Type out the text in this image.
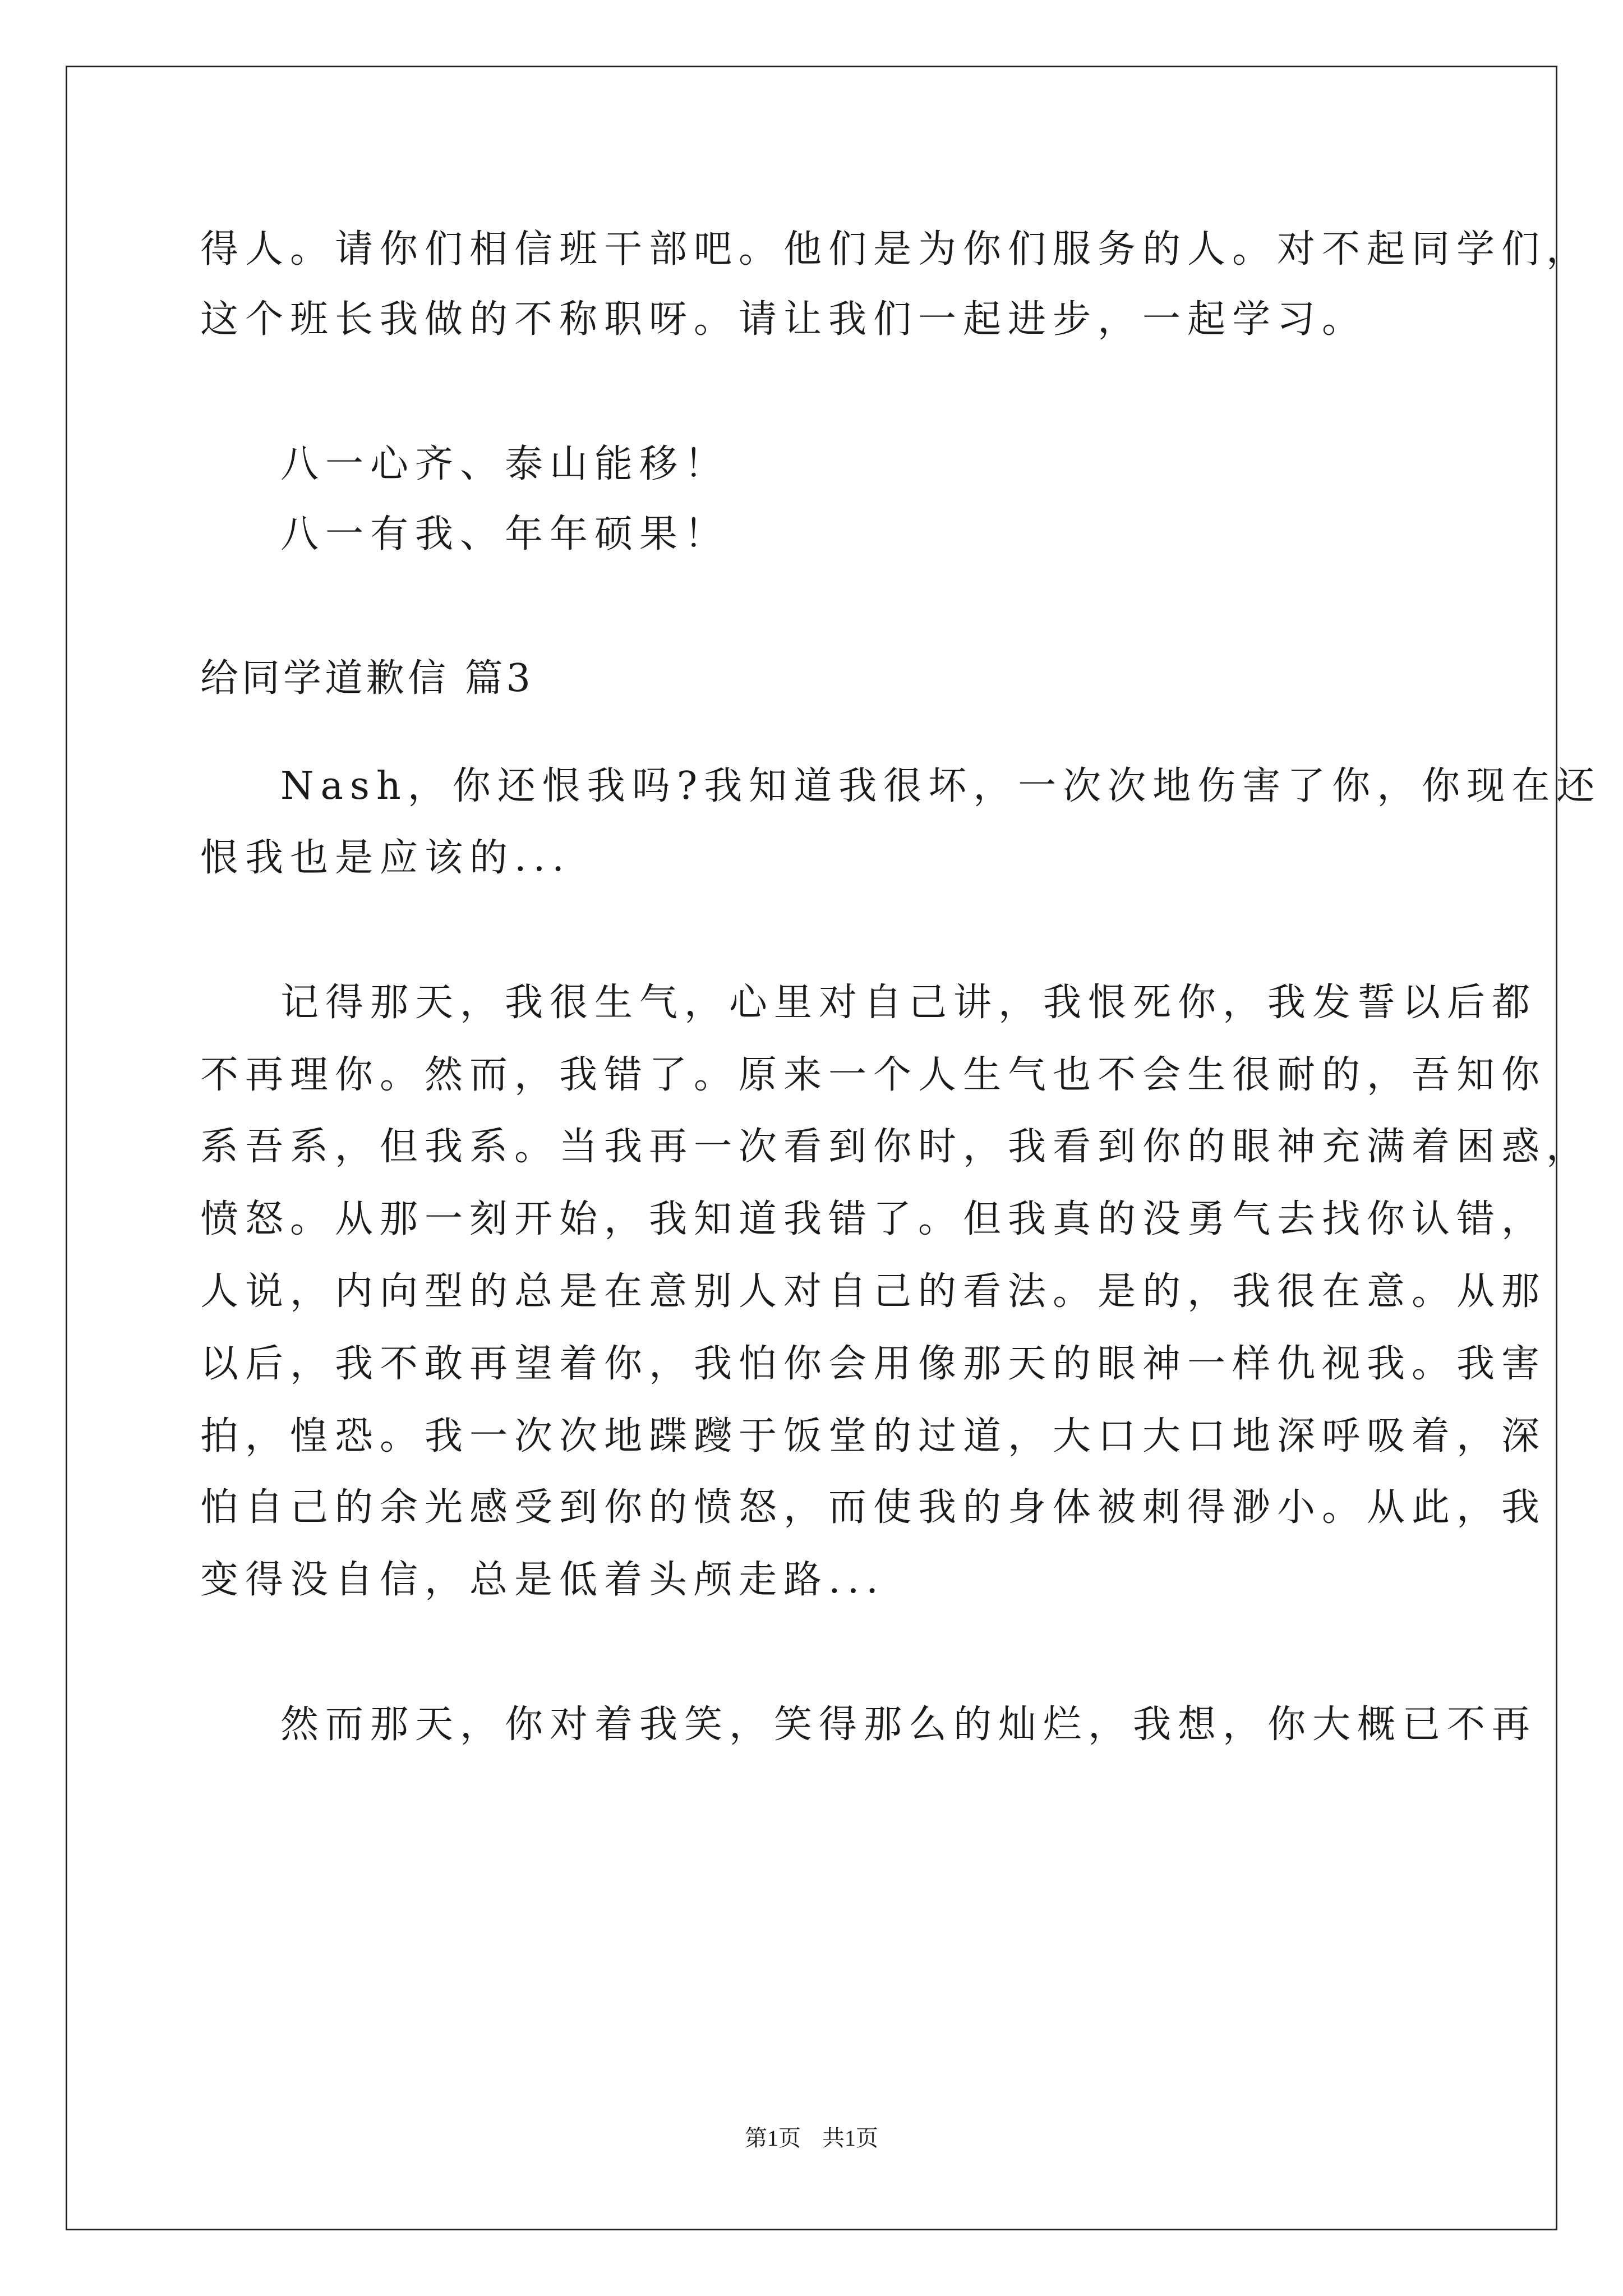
得人。请你们相信班干部吧。他们是为你们服务的人。对不起同学们，
这个班长我做的不称职呀。请让我们一起进步，一起学习。
八一心齐、泰山能移！
八一有我、年年硕果！
给同学道歉信 篇3
Nash，你还恨我吗?我知道我很坏，一次次地伤害了你，你现在还
恨我也是应该的...
记得那天，我很生气，心里对自己讲，我恨死你，我发誓以后都
不再理你。然而，我错了。原来一个人生气也不会生很耐的，吾知你
系吾系，但我系。当我再一次看到你时，我看到你的眼神充满着困惑，
愤怒。从那一刻开始，我知道我错了。但我真的没勇气去找你认错，
人说，内向型的总是在意别人对自己的看法。是的，我很在意。从那
以后，我不敢再望着你，我怕你会用像那天的眼神一样仇视我。我害
拍，惶恐。我一次次地蹀躞于饭堂的过道，大口大口地深呼吸着，深
怕自己的余光感受到你的愤怒，而使我的身体被刺得渺小。从此，我
变得没自信，总是低着头颅走路...
然而那天，你对着我笑，笑得那么的灿烂，我想，你大概已不再
第1页 共1页
